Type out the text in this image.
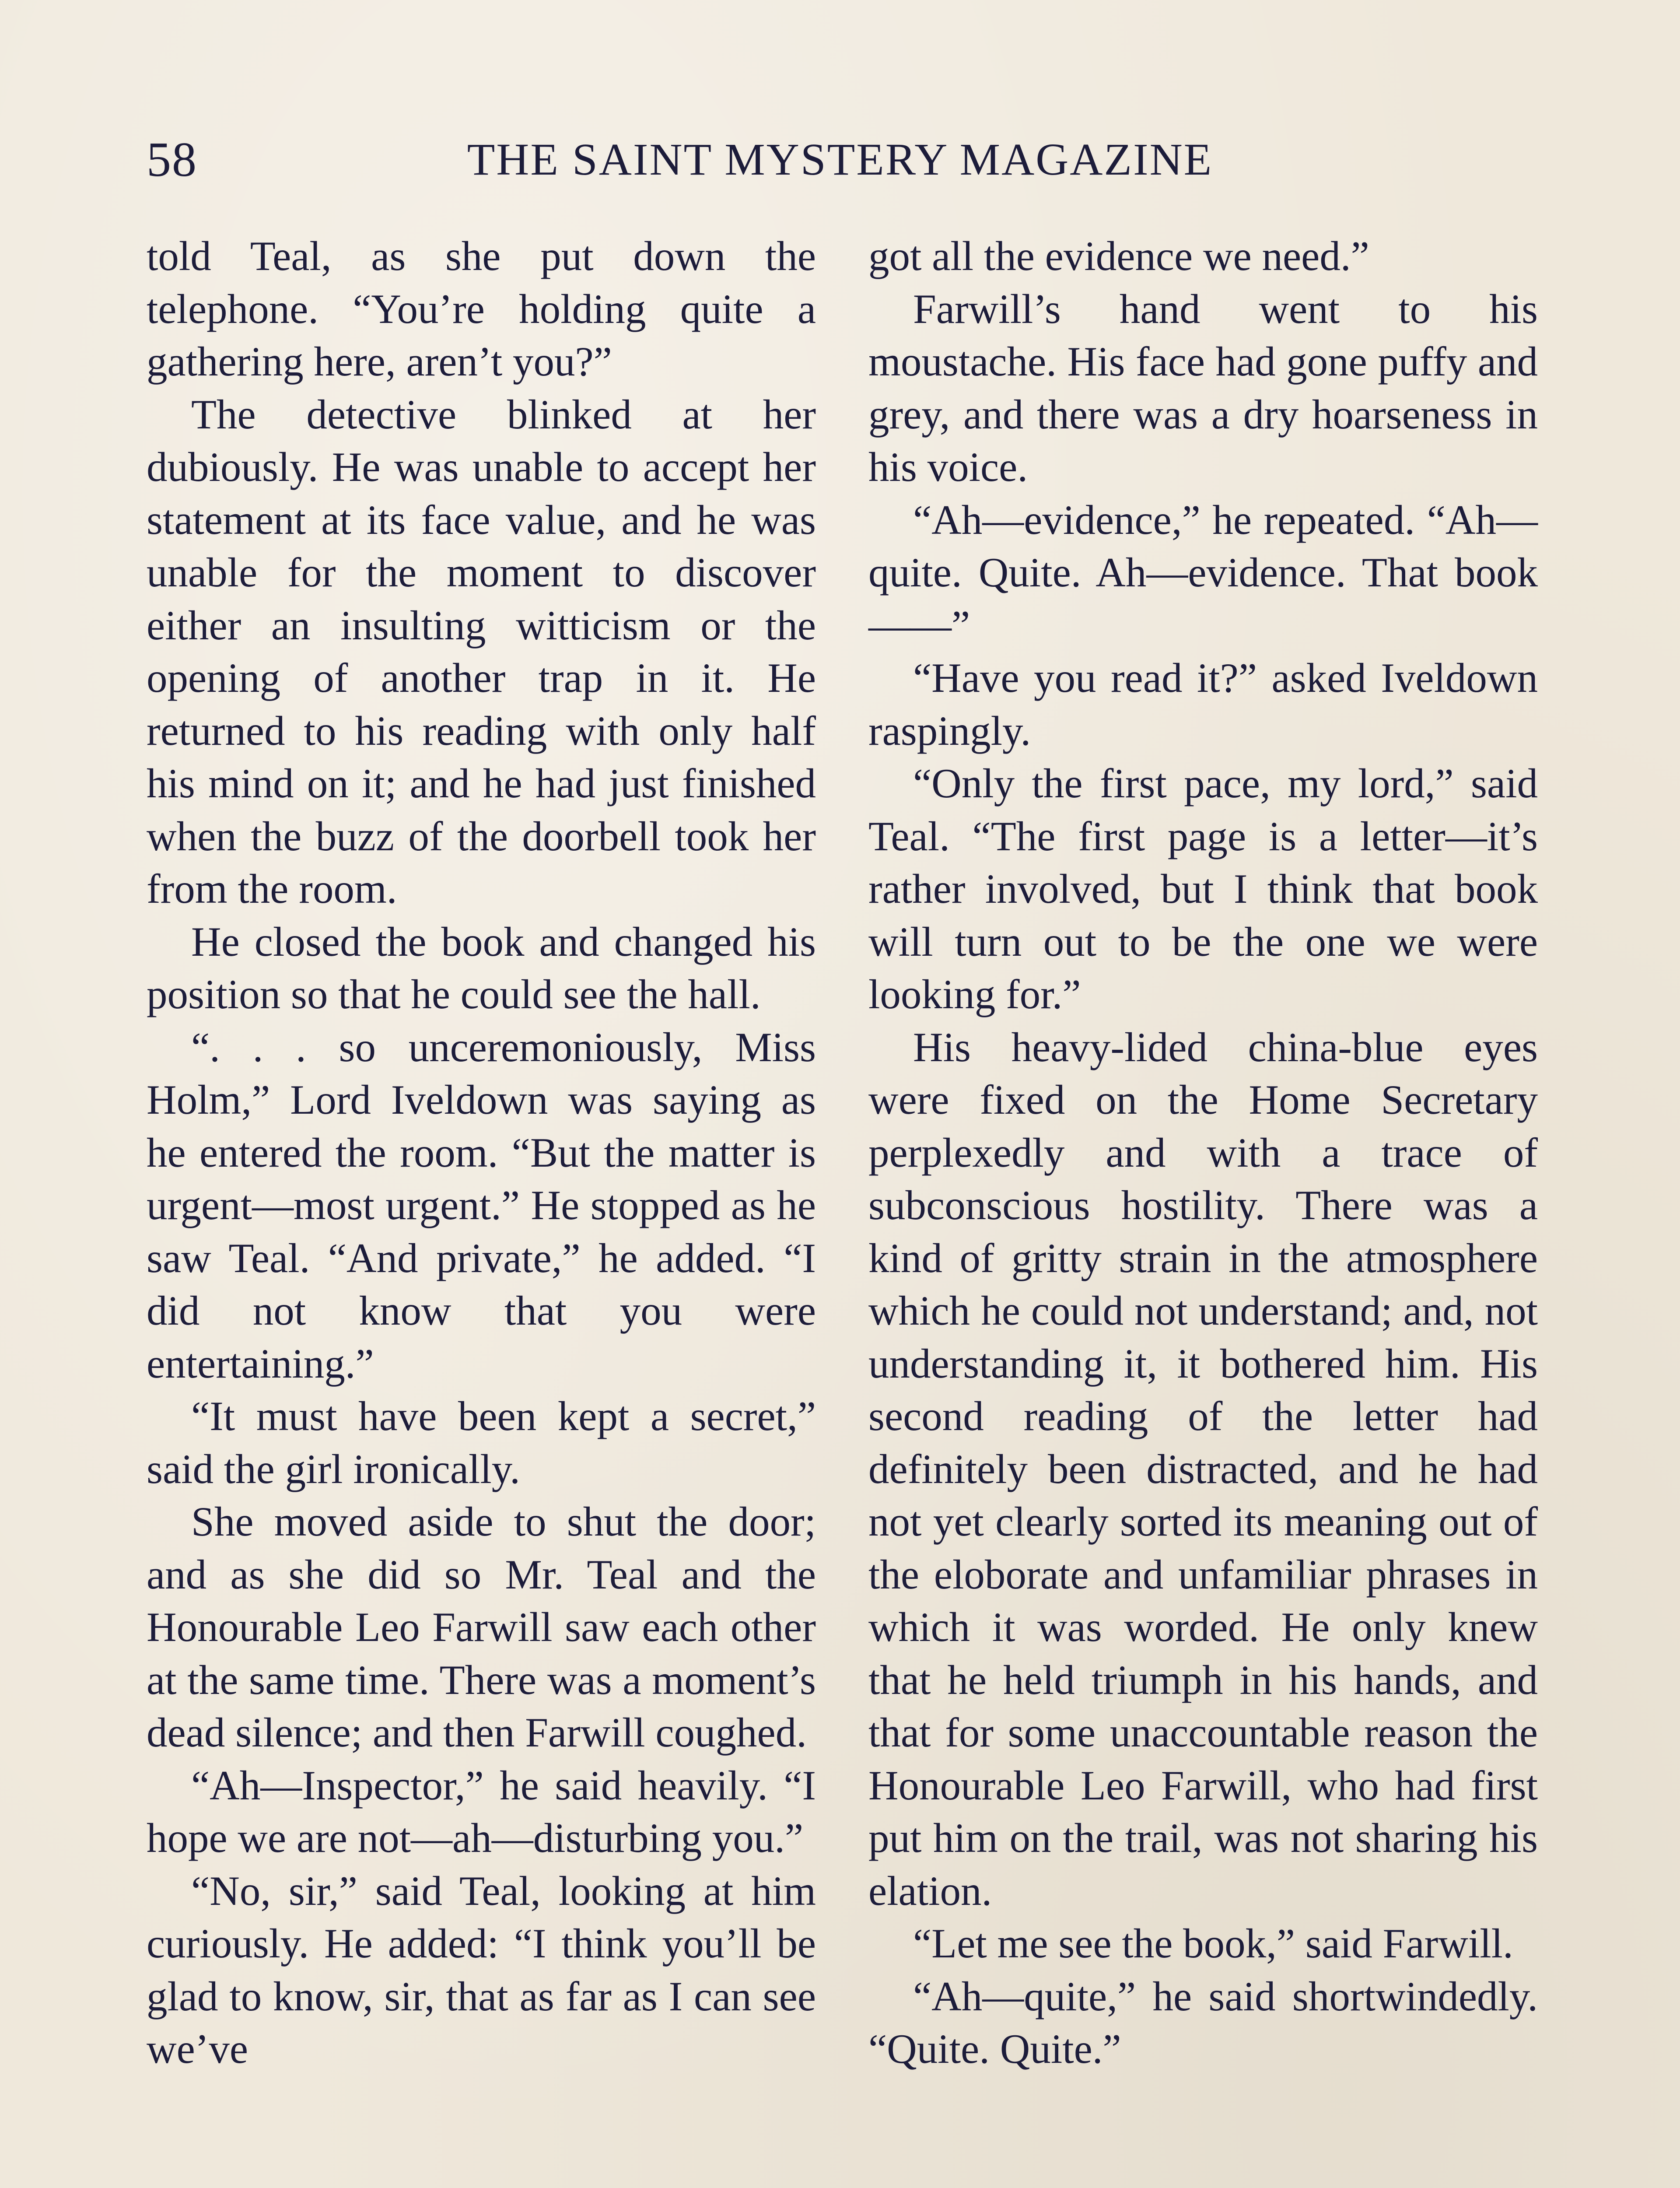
58	THE SAINT MYSTERY MAGAZINE

told Teal, as she put down the telephone. “You’re holding quite a gathering here, aren’t you?”

The detective blinked at her dubiously. He was unable to accept her statement at its face value, and he was unable for the moment to discover either an insulting witticism or the opening of another trap in it. He returned to his reading with only half his mind on it; and he had just finished when the buzz of the doorbell took her from the room.

He closed the book and changed his position so that he could see the hall.

“. . . so unceremoniously, Miss Holm,” Lord Iveldown was saying as he entered the room. “But the matter is urgent—most urgent.” He stopped as he saw Teal. “And private,” he added. “I did not know that you were entertaining.”

“It must have been kept a secret,” said the girl ironically.

She moved aside to shut the door; and as she did so Mr. Teal and the Honourable Leo Farwill saw each other at the same time. There was a moment’s dead silence; and then Farwill coughed.

“Ah—Inspector,” he said heavily. “I hope we are not—ah—disturbing you.”

“No, sir,” said Teal, looking at him curiously. He added: “I think you’ll be glad to know, sir, that as far as I can see we’ve

got all the evidence we need.”

Farwill’s hand went to his moustache. His face had gone puffy and grey, and there was a dry hoarseness in his voice.

“Ah—evidence,” he repeated. “Ah—quite. Quite. Ah—evidence. That book——”

“Have you read it?” asked Iveldown raspingly.

“Only the first pace, my lord,” said Teal. “The first page is a letter—it’s rather involved, but I think that book will turn out to be the one we were looking for.”

His heavy-lided china-blue eyes were fixed on the Home Secretary perplexedly and with a trace of subconscious hostility. There was a kind of gritty strain in the atmosphere which he could not understand; and, not understanding it, it bothered him. His second reading of the letter had definitely been distracted, and he had not yet clearly sorted its meaning out of the eloborate and unfamiliar phrases in which it was worded. He only knew that he held triumph in his hands, and that for some unaccountable reason the Honourable Leo Farwill, who had first put him on the trail, was not sharing his elation.

“Let me see the book,” said Farwill.

“Ah—quite,” he said shortwindedly. “Quite. Quite.”
